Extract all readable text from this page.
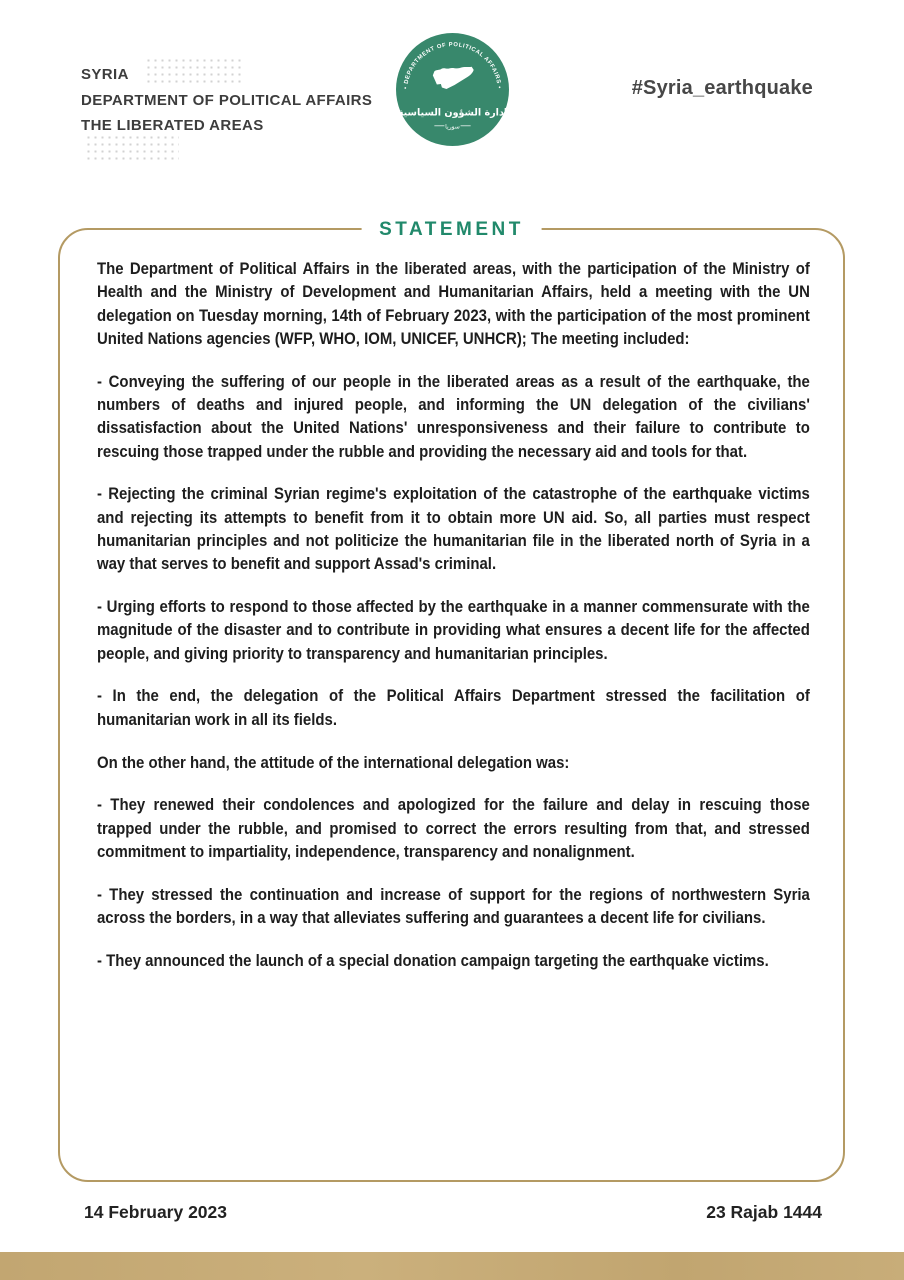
SYRIA
DEPARTMENT OF POLITICAL AFFAIRS
THE LIBERATED AREAS
• DEPARTMENT OF POLITICAL AFFAIRS •
إدارة الشؤون السياسية
سوريا
#Syria_earthquake
STATEMENT

The Department of Political Affairs in the liberated areas, with the participation of the Ministry of Health and the Ministry of Development and Humanitarian Affairs, held a meeting with the UN delegation on Tuesday morning, 14th of February 2023, with the participation of the most prominent United Nations agencies (WFP, WHO, IOM, UNICEF, UNHCR); The meeting included:

- Conveying the suffering of our people in the liberated areas as a result of the earthquake, the numbers of deaths and injured people, and informing the UN delegation of the civilians' dissatisfaction about the United Nations' unresponsiveness and their failure to contribute to rescuing those trapped under the rubble and providing the necessary aid and tools for that.

- Rejecting the criminal Syrian regime's exploitation of the catastrophe of the earthquake victims and rejecting its attempts to benefit from it to obtain more UN aid. So, all parties must respect humanitarian principles and not politicize the humanitarian file in the liberated north of Syria in a way that serves to benefit and support Assad's criminal.

- Urging efforts to respond to those affected by the earthquake in a manner commensurate with the magnitude of the disaster and to contribute in providing what ensures a decent life for the affected people, and giving priority to transparency and humanitarian principles.

- In the end, the delegation of the Political Affairs Department stressed the facilitation of humanitarian work in all its fields.

On the other hand, the attitude of the international delegation was:

- They renewed their condolences and apologized for the failure and delay in rescuing those trapped under the rubble, and promised to correct the errors resulting from that, and stressed commitment to impartiality, independence, transparency and nonalignment.

- They stressed the continuation and increase of support for the regions of northwestern Syria across the borders, in a way that alleviates suffering and guarantees a decent life for civilians.

- They announced the launch of a special donation campaign targeting the earthquake victims.

14 February 2023	23 Rajab 1444
